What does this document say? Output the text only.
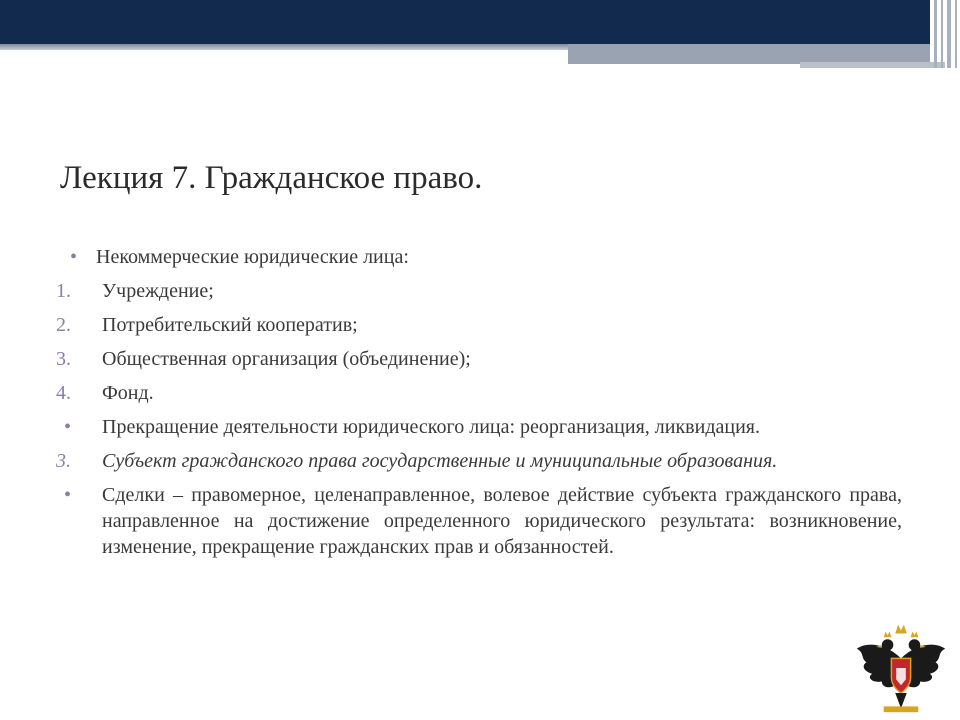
Лекция 7. Гражданское право.
• Некоммерческие юридические лица:
1. Учреждение;
2. Потребительский кооператив;
3. Общественная организация (объединение);
4. Фонд.
• Прекращение деятельности юридического лица: реорганизация, ликвидация.
3. Субъект гражданского права государственные и муниципальные образования.
• Сделки – правомерное, целенаправленное, волевое действие субъекта гражданского права, направленное на достижение определенного юридического результата: возникновение, изменение, прекращение гражданских прав и обязанностей.
